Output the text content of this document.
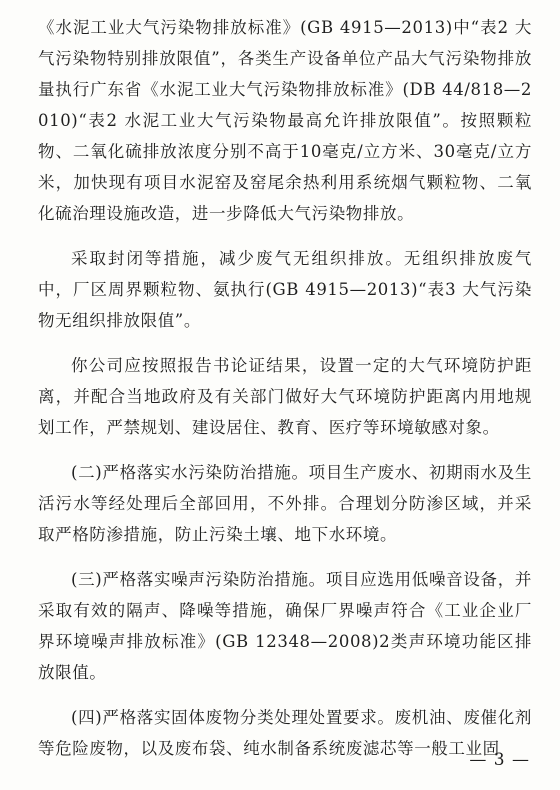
《水泥工业大气污染物排放标准》(GB 4915—2013)中“表2 大气污染物特别排放限值”，各类生产设备单位产品大气污染物排放量执行广东省《水泥工业大气污染物排放标准》(DB 44/818—2010)“表2 水泥工业大气污染物最高允许排放限值”。按照颗粒物、二氧化硫排放浓度分别不高于10毫克/立方米、30毫克/立方米，加快现有项目水泥窑及窑尾余热利用系统烟气颗粒物、二氧化硫治理设施改造，进一步降低大气污染物排放。

采取封闭等措施，减少废气无组织排放。无组织排放废气中，厂区周界颗粒物、氨执行(GB 4915—2013)“表3 大气污染物无组织排放限值”。

你公司应按照报告书论证结果，设置一定的大气环境防护距离，并配合当地政府及有关部门做好大气环境防护距离内用地规划工作，严禁规划、建设居住、教育、医疗等环境敏感对象。

(二)严格落实水污染防治措施。项目生产废水、初期雨水及生活污水等经处理后全部回用，不外排。合理划分防渗区域，并采取严格防渗措施，防止污染土壤、地下水环境。

(三)严格落实噪声污染防治措施。项目应选用低噪音设备，并采取有效的隔声、降噪等措施，确保厂界噪声符合《工业企业厂界环境噪声排放标准》(GB 12348—2008)2类声环境功能区排放限值。

(四)严格落实固体废物分类处理处置要求。废机油、废催化剂等危险废物，以及废布袋、纯水制备系统废滤芯等一般工业固

— 3 —
